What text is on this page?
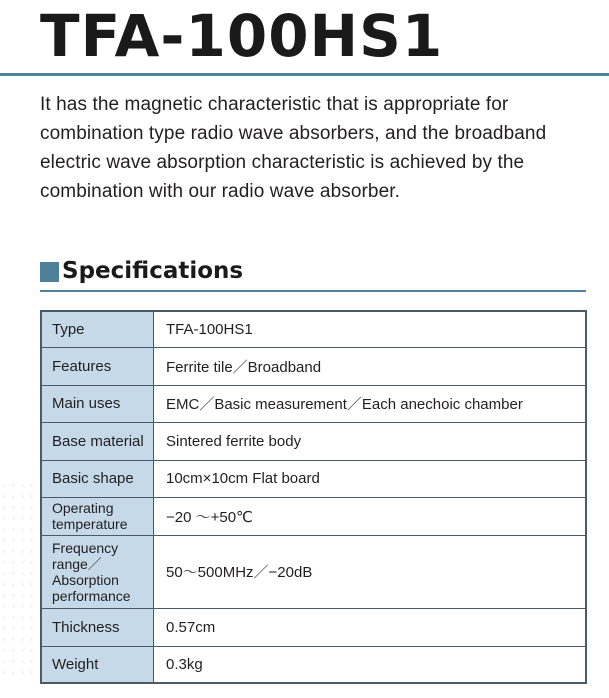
TFA-100HS1
It has the magnetic characteristic that is appropriate for
combination type radio wave absorbers, and the broadband
electric wave absorption characteristic is achieved by the
combination with our radio wave absorber.
Specifications
Type	TFA-100HS1
Features	Ferrite tile／Broadband
Main uses	EMC／Basic measurement／Each anechoic chamber
Base material	Sintered ferrite body
Basic shape	10cm×10cm Flat board
Operating temperature	−20 ～+50℃
Frequency range／Absorption performance	50～500MHz／−20dB
Thickness	0.57cm
Weight	0.3kg
